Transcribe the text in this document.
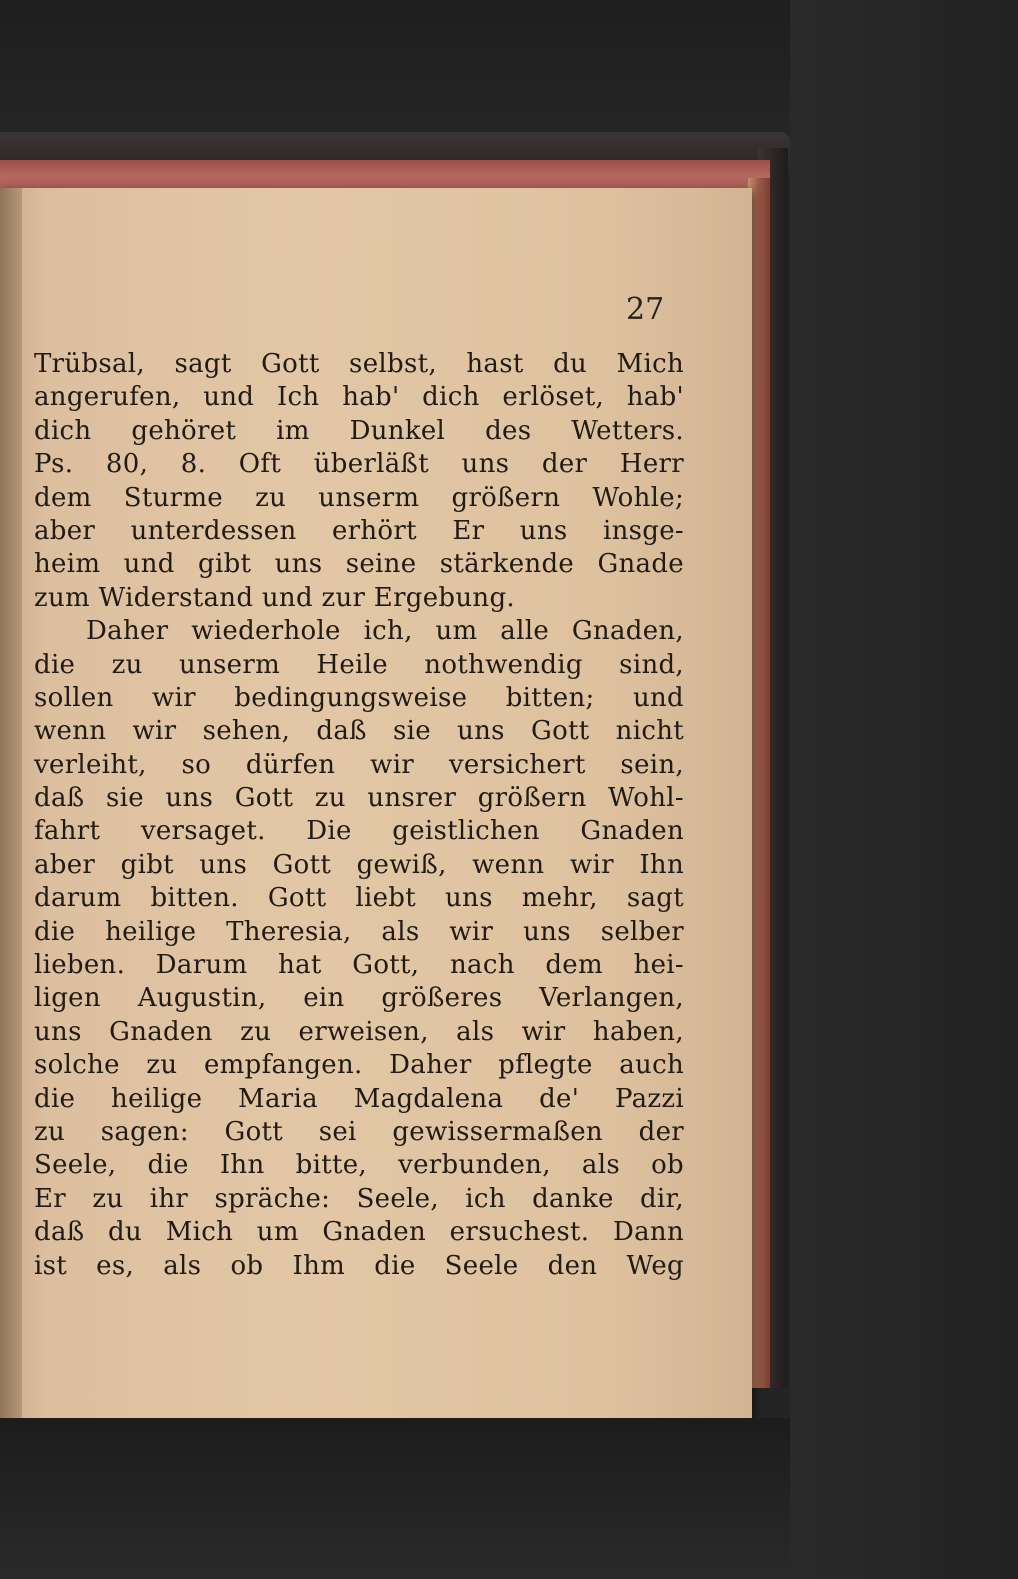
27
Trübsal, sagt Gott selbst, hast du Mich
angerufen, und Ich hab' dich erlöset, hab'
dich gehöret im Dunkel des Wetters.
Ps. 80, 8. Oft überläßt uns der Herr
dem Sturme zu unserm größern Wohle;
aber unterdessen erhört Er uns insge-
heim und gibt uns seine stärkende Gnade
zum Widerstand und zur Ergebung.
Daher wiederhole ich, um alle Gnaden,
die zu unserm Heile nothwendig sind,
sollen wir bedingungsweise bitten; und
wenn wir sehen, daß sie uns Gott nicht
verleiht, so dürfen wir versichert sein,
daß sie uns Gott zu unsrer größern Wohl-
fahrt versaget. Die geistlichen Gnaden
aber gibt uns Gott gewiß, wenn wir Ihn
darum bitten. Gott liebt uns mehr, sagt
die heilige Theresia, als wir uns selber
lieben. Darum hat Gott, nach dem hei-
ligen Augustin, ein größeres Verlangen,
uns Gnaden zu erweisen, als wir haben,
solche zu empfangen. Daher pflegte auch
die heilige Maria Magdalena de' Pazzi
zu sagen: Gott sei gewissermaßen der
Seele, die Ihn bitte, verbunden, als ob
Er zu ihr spräche: Seele, ich danke dir,
daß du Mich um Gnaden ersuchest. Dann
ist es, als ob Ihm die Seele den Weg
